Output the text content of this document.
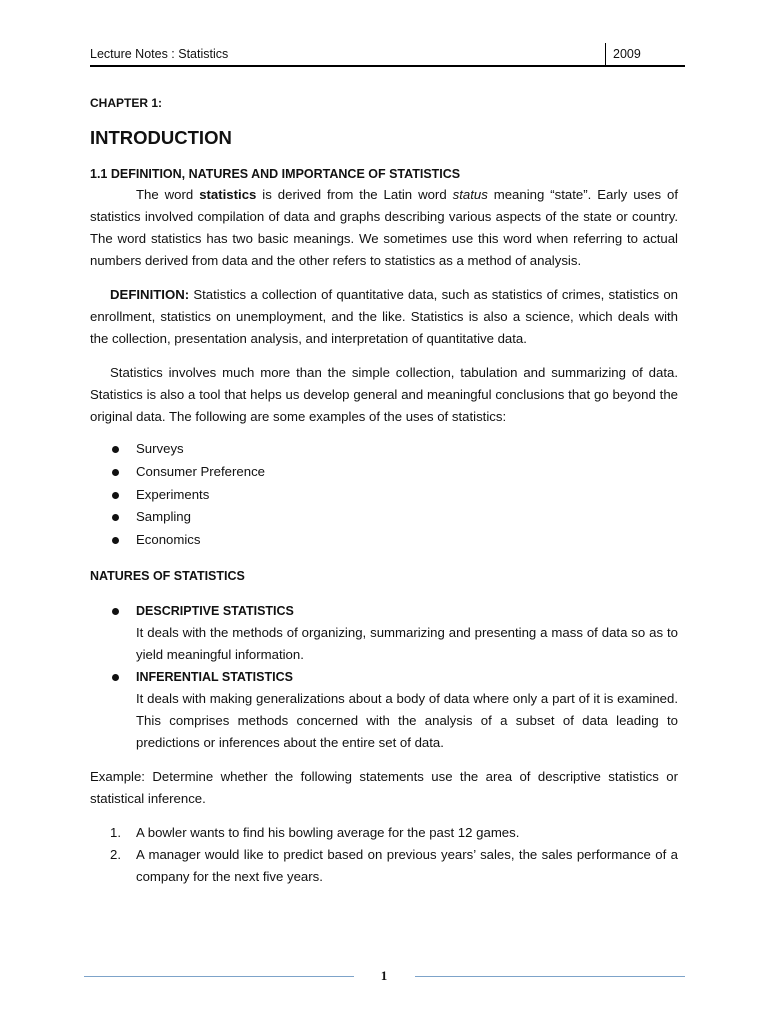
Lecture Notes : Statistics	2009

CHAPTER 1:

INTRODUCTION

1.1 DEFINITION, NATURES AND IMPORTANCE OF STATISTICS

The word statistics is derived from the Latin word status meaning “state”. Early uses of statistics involved compilation of data and graphs describing various aspects of the state or country. The word statistics has two basic meanings. We sometimes use this word when referring to actual numbers derived from data and the other refers to statistics as a method of analysis.

DEFINITION: Statistics a collection of quantitative data, such as statistics of crimes, statistics on enrollment, statistics on unemployment, and the like. Statistics is also a science, which deals with the collection, presentation analysis, and interpretation of quantitative data.

Statistics involves much more than the simple collection, tabulation and summarizing of data. Statistics is also a tool that helps us develop general and meaningful conclusions that go beyond the original data. The following are some examples of the uses of statistics:

Surveys
Consumer Preference
Experiments
Sampling
Economics

NATURES OF STATISTICS

DESCRIPTIVE STATISTICS
It deals with the methods of organizing, summarizing and presenting a mass of data so as to yield meaningful information.
INFERENTIAL STATISTICS
It deals with making generalizations about a body of data where only a part of it is examined. This comprises methods concerned with the analysis of a subset of data leading to predictions or inferences about the entire set of data.

Example: Determine whether the following statements use the area of descriptive statistics or statistical inference.

1. A bowler wants to find his bowling average for the past 12 games.
2. A manager would like to predict based on previous years’ sales, the sales performance of a company for the next five years.
1
